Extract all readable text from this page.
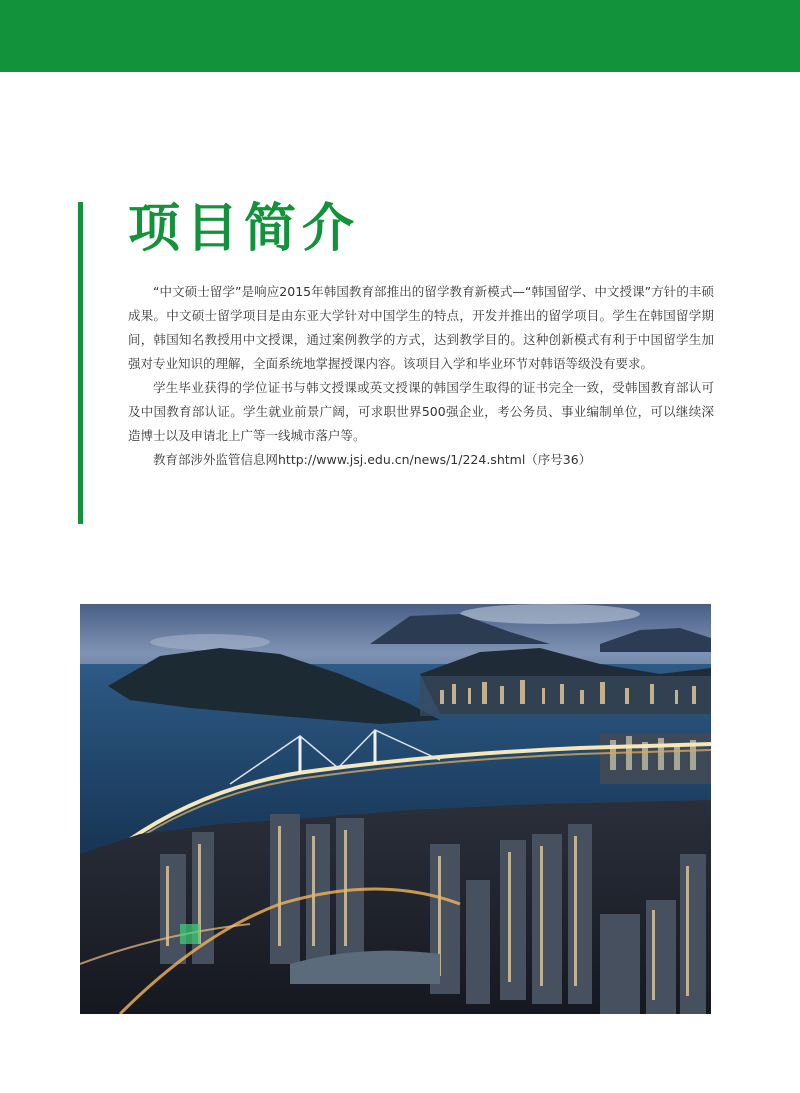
项目简介

“中文硕士留学”是响应2015年韩国教育部推出的留学教育新模式—“韩国留学、中文授课”方针的丰硕成果。中文硕士留学项目是由东亚大学针对中国学生的特点，开发并推出的留学项目。学生在韩国留学期间，韩国知名教授用中文授课，通过案例教学的方式，达到教学目的。这种创新模式有利于中国留学生加强对专业知识的理解，全面系统地掌握授课内容。该项目入学和毕业环节对韩语等级没有要求。

学生毕业获得的学位证书与韩文授课或英文授课的韩国学生取得的证书完全一致，受韩国教育部认可及中国教育部认证。学生就业前景广阔，可求职世界500强企业，考公务员、事业编制单位，可以继续深造博士以及申请北上广等一线城市落户等。

教育部涉外监管信息网http://www.jsj.edu.cn/news/1/224.shtml（序号36）
